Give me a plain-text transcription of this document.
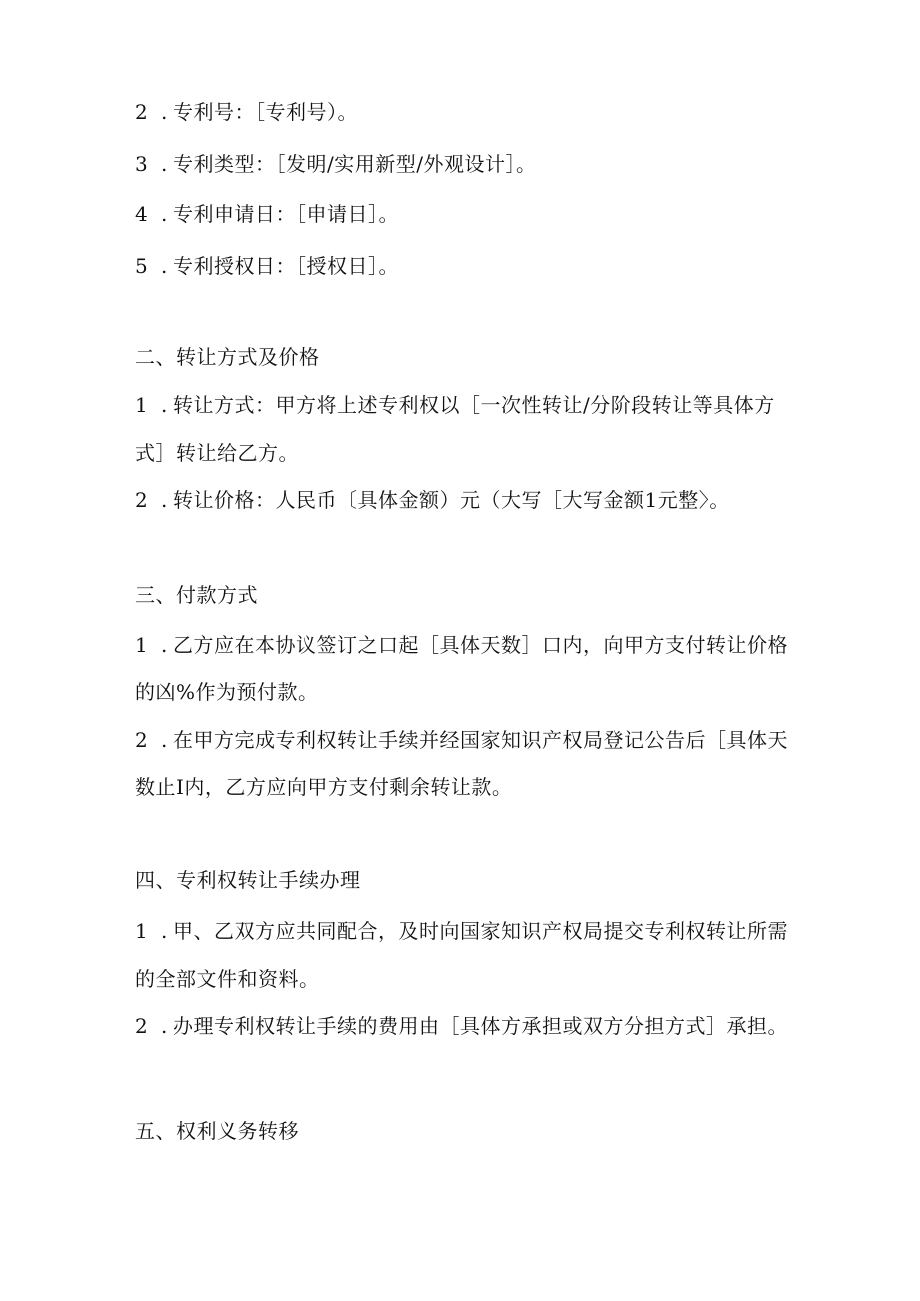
2 . 专利号：［专利号）。
3 . 专利类型：［发明/实用新型/外观设计］。
4 . 专利申请日：［申请日］。
5 . 专利授权日：［授权日］。
二、转让方式及价格
1 . 转让方式：甲方将上述专利权以［一次性转让/分阶段转让等具体方
式］转让给乙方。
2 . 转让价格：人民币〔具体金额）元（大写［大写金额1元整〉。
三、付款方式
1 . 乙方应在本协议签订之口起［具体天数］口内，向甲方支付转让价格
的凶%作为预付款。
2 . 在甲方完成专利权转让手续并经国家知识产权局登记公告后［具体天
数止I内，乙方应向甲方支付剩余转让款。
四、专利权转让手续办理
1 . 甲、乙双方应共同配合，及时向国家知识产权局提交专利权转让所需
的全部文件和资料。
2 . 办理专利权转让手续的费用由［具体方承担或双方分担方式］承担。
五、权利义务转移
